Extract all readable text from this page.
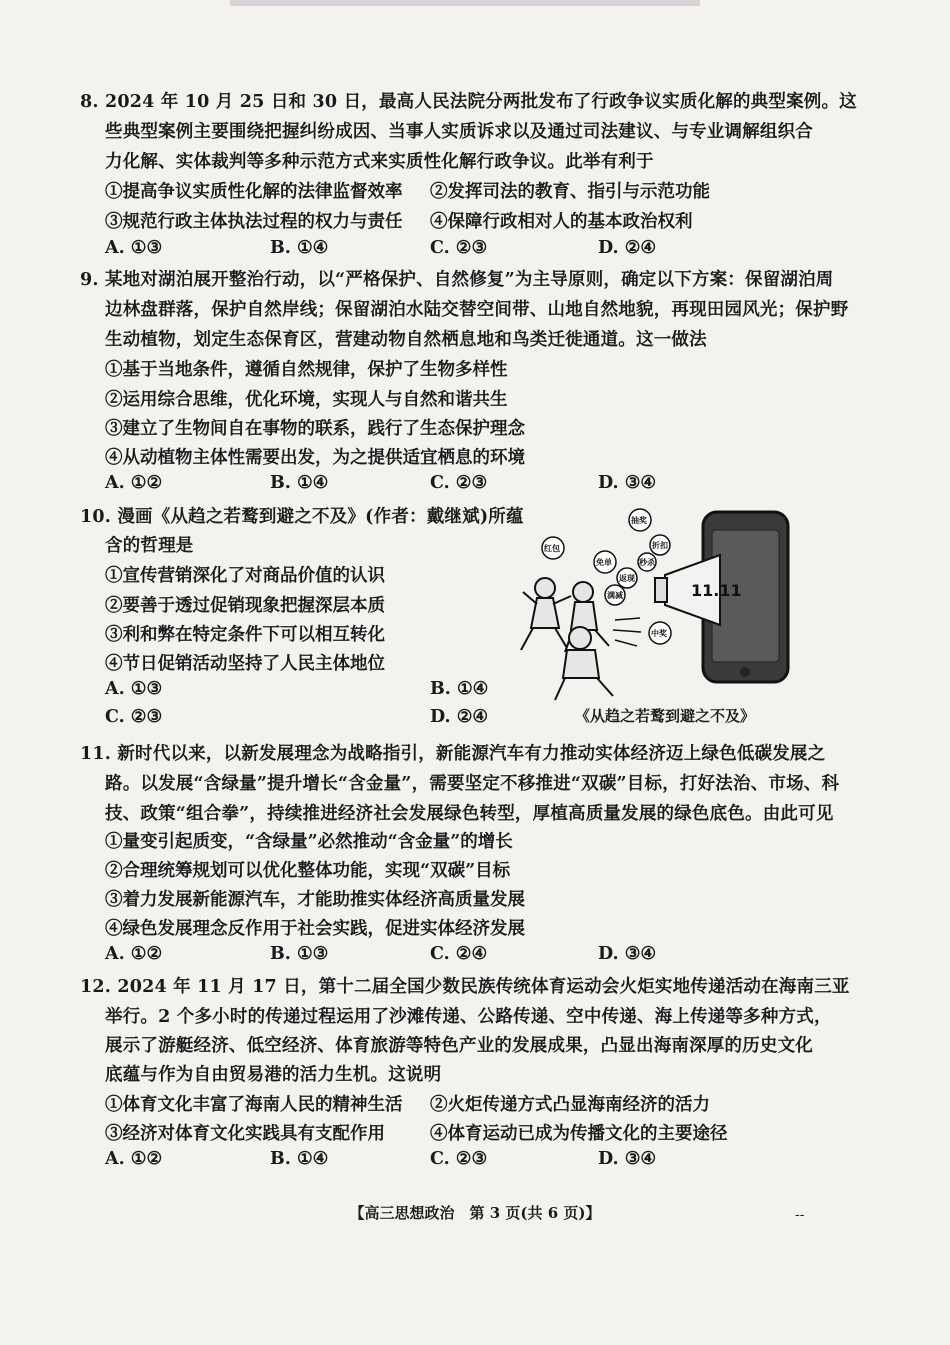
8. 2024 年 10 月 25 日和 30 日，最高人民法院分两批发布了行政争议实质化解的典型案例。这
些典型案例主要围绕把握纠纷成因、当事人实质诉求以及通过司法建议、与专业调解组织合
力化解、实体裁判等多种示范方式来实质性化解行政争议。此举有利于
①提高争议实质性化解的法律监督效率 ②发挥司法的教育、指引与示范功能
③规范行政主体执法过程的权力与责任 ④保障行政相对人的基本政治权利
A. ①③	B. ①④	C. ②③	D. ②④
9. 某地对湖泊展开整治行动，以“严格保护、自然修复”为主导原则，确定以下方案：保留湖泊周
边林盘群落，保护自然岸线；保留湖泊水陆交替空间带、山地自然地貌，再现田园风光；保护野
生动植物，划定生态保育区，营建动物自然栖息地和鸟类迁徙通道。这一做法
①基于当地条件，遵循自然规律，保护了生物多样性
②运用综合思维，优化环境，实现人与自然和谐共生
③建立了生物间自在事物的联系，践行了生态保护理念
④从动植物主体性需要出发，为之提供适宜栖息的环境
A. ①②	B. ①④	C. ②③	D. ③④
10. 漫画《从趋之若鹜到避之不及》(作者：戴继斌)所蕴
含的哲理是
①宣传营销深化了对商品价值的认识
②要善于透过促销现象把握深层本质
③利和弊在特定条件下可以相互转化
④节日促销活动坚持了人民主体地位
A. ①③	B. ①④
C. ②③	D. ②④
11.11
抽奖
红包
免单
返现
折扣
秒杀
满减
中奖
《从趋之若鹜到避之不及》
11. 新时代以来，以新发展理念为战略指引，新能源汽车有力推动实体经济迈上绿色低碳发展之
路。以发展“含绿量”提升增长“含金量”，需要坚定不移推进“双碳”目标，打好法治、市场、科
技、政策“组合拳”，持续推进经济社会发展绿色转型，厚植高质量发展的绿色底色。由此可见
①量变引起质变，“含绿量”必然推动“含金量”的增长
②合理统筹规划可以优化整体功能，实现“双碳”目标
③着力发展新能源汽车，才能助推实体经济高质量发展
④绿色发展理念反作用于社会实践，促进实体经济发展
A. ①②	B. ①③	C. ②④	D. ③④
12. 2024 年 11 月 17 日，第十二届全国少数民族传统体育运动会火炬实地传递活动在海南三亚
举行。2 个多小时的传递过程运用了沙滩传递、公路传递、空中传递、海上传递等多种方式，
展示了游艇经济、低空经济、体育旅游等特色产业的发展成果，凸显出海南深厚的历史文化
底蕴与作为自由贸易港的活力生机。这说明
①体育文化丰富了海南人民的精神生活 ②火炬传递方式凸显海南经济的活力
③经济对体育文化实践具有支配作用	④体育运动已成为传播文化的主要途径
A. ①②	B. ①④	C. ②③	D. ③④
【高三思想政治　第 3 页(共 6 页)】	--
